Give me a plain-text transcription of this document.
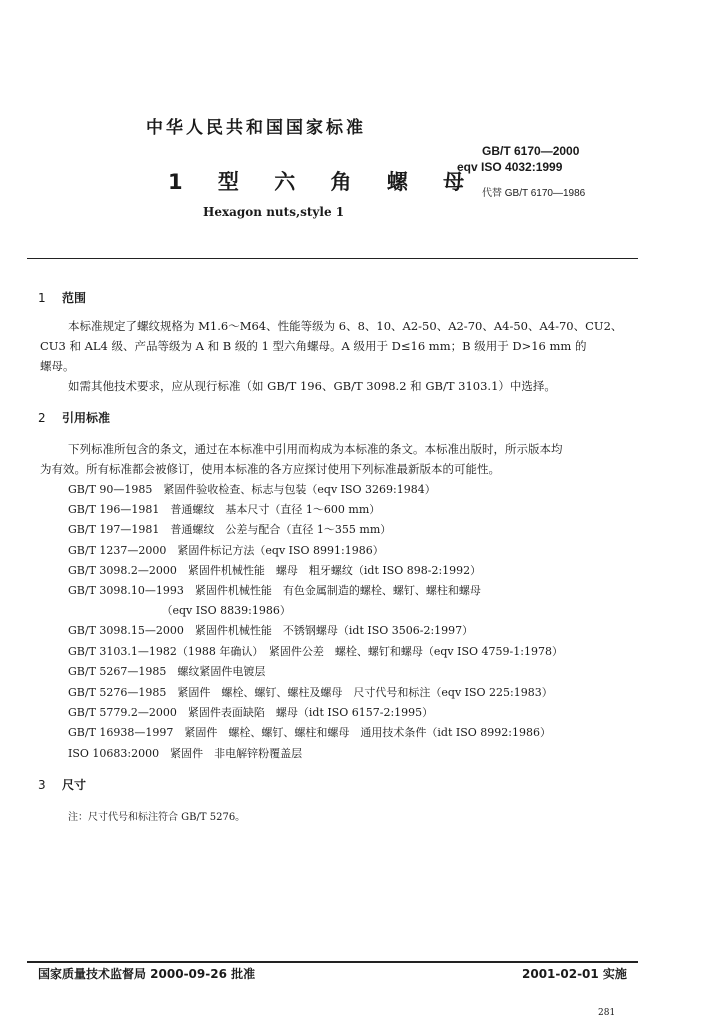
中华人民共和国国家标准
1 型 六 角 螺 母
Hexagon nuts,style 1
GB/T 6170—2000
eqv ISO 4032:1999
代替 GB/T 6170—1986
1 范围
本标准规定了螺纹规格为 M1.6～M64、性能等级为 6、8、10、A2-50、A2-70、A4-50、A4-70、CU2、
CU3 和 AL4 级、产品等级为 A 和 B 级的 1 型六角螺母。A 级用于 D≤16 mm；B 级用于 D>16 mm 的
螺母。
如需其他技术要求，应从现行标准（如 GB/T 196、GB/T 3098.2 和 GB/T 3103.1）中选择。
2 引用标准
下列标准所包含的条文，通过在本标准中引用而构成为本标准的条文。本标准出版时，所示版本均
为有效。所有标准都会被修订，使用本标准的各方应探讨使用下列标准最新版本的可能性。
GB/T 90—1985　紧固件验收检查、标志与包装（eqv ISO 3269:1984）
GB/T 196—1981　普通螺纹　基本尺寸（直径 1～600 mm）
GB/T 197—1981　普通螺纹　公差与配合（直径 1～355 mm）
GB/T 1237—2000　紧固件标记方法（eqv ISO 8991:1986）
GB/T 3098.2—2000　紧固件机械性能　螺母　粗牙螺纹（idt ISO 898-2:1992）
GB/T 3098.10—1993　紧固件机械性能　有色金属制造的螺栓、螺钉、螺柱和螺母
　　　　　　　　　（eqv ISO 8839:1986）
GB/T 3098.15—2000　紧固件机械性能　不锈钢螺母（idt ISO 3506-2:1997）
GB/T 3103.1—1982（1988 年确认）　紧固件公差　螺栓、螺钉和螺母（eqv ISO 4759-1:1978）
GB/T 5267—1985　螺纹紧固件电镀层
GB/T 5276—1985　紧固件　螺栓、螺钉、螺柱及螺母　尺寸代号和标注（eqv ISO 225:1983）
GB/T 5779.2—2000　紧固件表面缺陷　螺母（idt ISO 6157-2:1995）
GB/T 16938—1997　紧固件　螺栓、螺钉、螺柱和螺母　通用技术条件（idt ISO 8992:1986）
ISO 10683:2000　紧固件　非电解锌粉覆盖层
3 尺寸
注：尺寸代号和标注符合 GB/T 5276。
国家质量技术监督局 2000-09-26 批准	2001-02-01 实施
281
